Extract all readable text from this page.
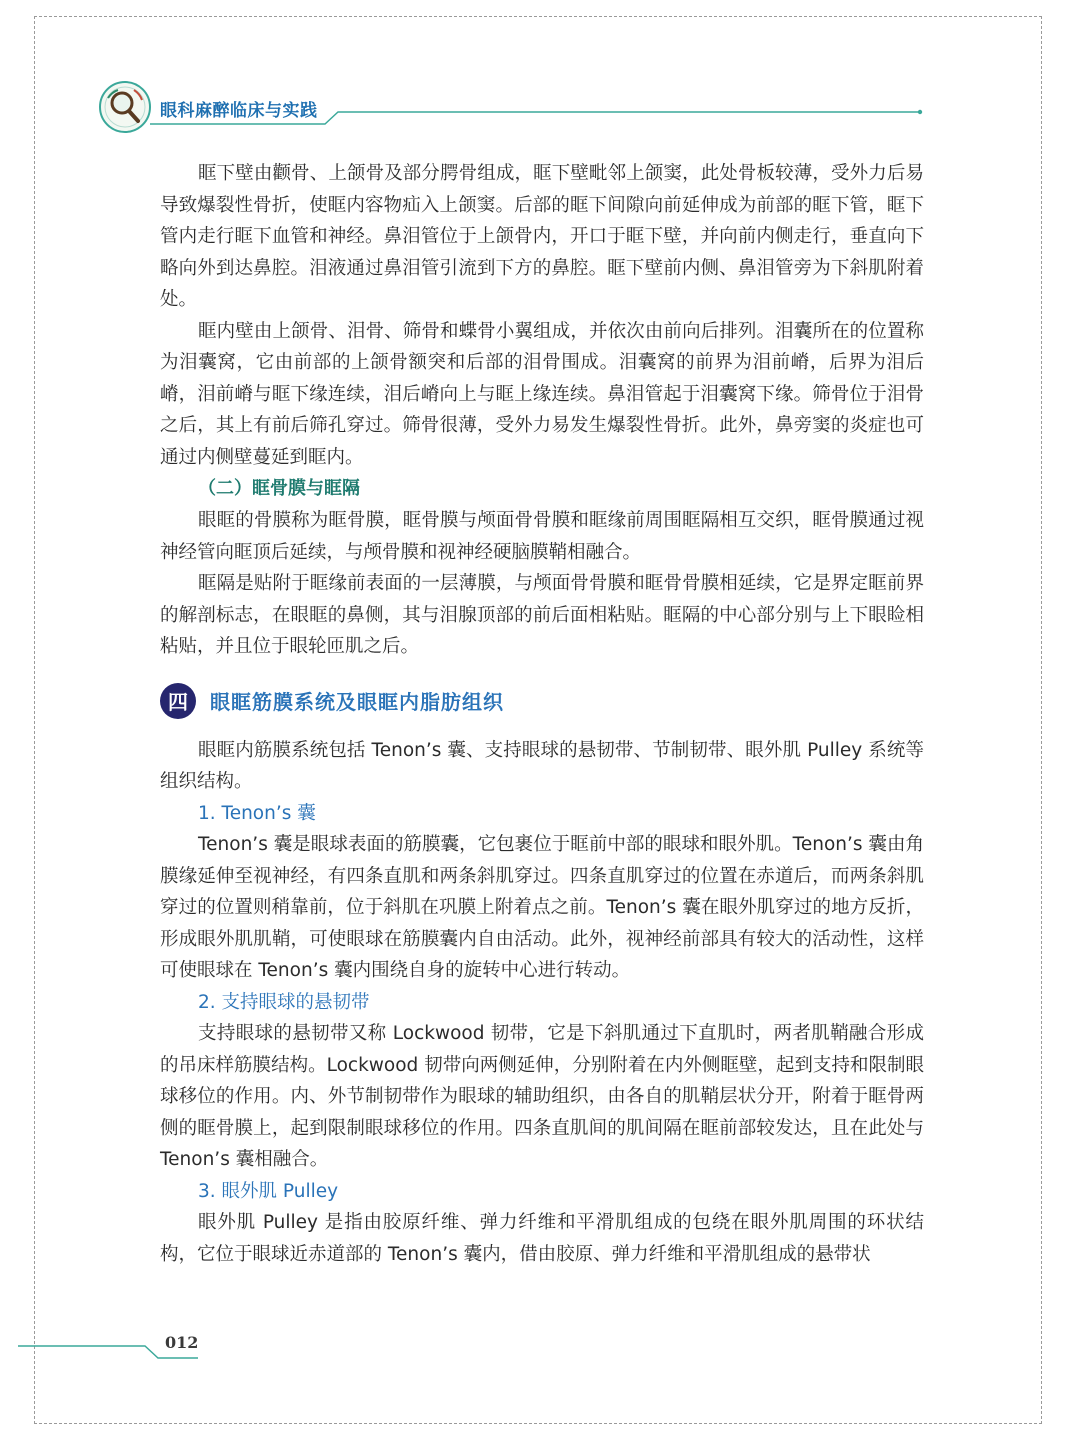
眼科麻醉临床与实践

眶下壁由颧骨、上颌骨及部分腭骨组成，眶下壁毗邻上颌窦，此处骨板较薄，受外力后易导致爆裂性骨折，使眶内容物疝入上颌窦。后部的眶下间隙向前延伸成为前部的眶下管，眶下管内走行眶下血管和神经。鼻泪管位于上颌骨内，开口于眶下壁，并向前内侧走行，垂直向下略向外到达鼻腔。泪液通过鼻泪管引流到下方的鼻腔。眶下壁前内侧、鼻泪管旁为下斜肌附着处。

眶内壁由上颌骨、泪骨、筛骨和蝶骨小翼组成，并依次由前向后排列。泪囊所在的位置称为泪囊窝，它由前部的上颌骨额突和后部的泪骨围成。泪囊窝的前界为泪前嵴，后界为泪后嵴，泪前嵴与眶下缘连续，泪后嵴向上与眶上缘连续。鼻泪管起于泪囊窝下缘。筛骨位于泪骨之后，其上有前后筛孔穿过。筛骨很薄，受外力易发生爆裂性骨折。此外，鼻旁窦的炎症也可通过内侧壁蔓延到眶内。

（二）眶骨膜与眶隔

眼眶的骨膜称为眶骨膜，眶骨膜与颅面骨骨膜和眶缘前周围眶隔相互交织，眶骨膜通过视神经管向眶顶后延续，与颅骨膜和视神经硬脑膜鞘相融合。

眶隔是贴附于眶缘前表面的一层薄膜，与颅面骨骨膜和眶骨骨膜相延续，它是界定眶前界的解剖标志，在眼眶的鼻侧，其与泪腺顶部的前后面相粘贴。眶隔的中心部分别与上下眼睑相粘贴，并且位于眼轮匝肌之后。

四	眼眶筋膜系统及眼眶内脂肪组织

眼眶内筋膜系统包括 Tenon’s 囊、支持眼球的悬韧带、节制韧带、眼外肌 Pulley 系统等组织结构。

1. Tenon’s 囊

Tenon’s 囊是眼球表面的筋膜囊，它包裹位于眶前中部的眼球和眼外肌。Tenon’s 囊由角膜缘延伸至视神经，有四条直肌和两条斜肌穿过。四条直肌穿过的位置在赤道后，而两条斜肌穿过的位置则稍靠前，位于斜肌在巩膜上附着点之前。Tenon’s 囊在眼外肌穿过的地方反折，形成眼外肌肌鞘，可使眼球在筋膜囊内自由活动。此外，视神经前部具有较大的活动性，这样可使眼球在 Tenon’s 囊内围绕自身的旋转中心进行转动。

2. 支持眼球的悬韧带

支持眼球的悬韧带又称 Lockwood 韧带，它是下斜肌通过下直肌时，两者肌鞘融合形成的吊床样筋膜结构。Lockwood 韧带向两侧延伸，分别附着在内外侧眶壁，起到支持和限制眼球移位的作用。内、外节制韧带作为眼球的辅助组织，由各自的肌鞘层状分开，附着于眶骨两侧的眶骨膜上，起到限制眼球移位的作用。四条直肌间的肌间隔在眶前部较发达，且在此处与 Tenon’s 囊相融合。

3. 眼外肌 Pulley

眼外肌 Pulley 是指由胶原纤维、弹力纤维和平滑肌组成的包绕在眼外肌周围的环状结构，它位于眼球近赤道部的 Tenon’s 囊内，借由胶原、弹力纤维和平滑肌组成的悬带状

012
